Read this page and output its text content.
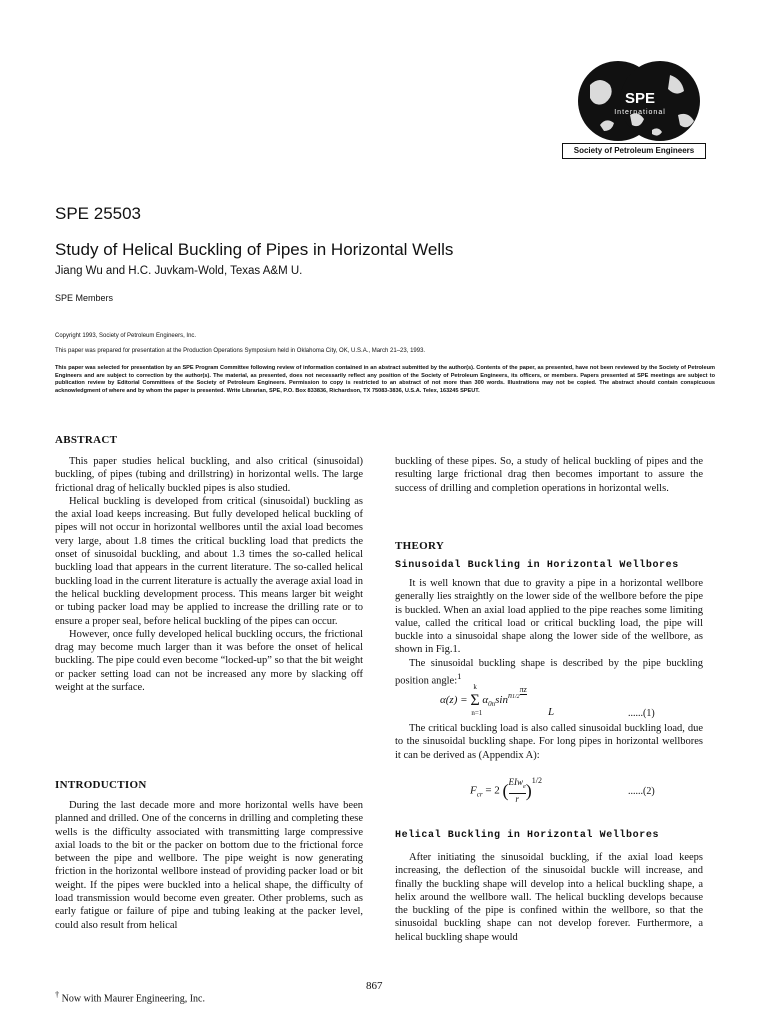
SPE
International
Society of Petroleum Engineers
SPE 25503
Study of Helical Buckling of Pipes in Horizontal Wells
Jiang Wu and H.C. Juvkam-Wold, Texas A&M U.
SPE Members
Copyright 1993, Society of Petroleum Engineers, Inc.
This paper was prepared for presentation at the Production Operations Symposium held in Oklahoma City, OK, U.S.A., March 21–23, 1993.
This paper was selected for presentation by an SPE Program Committee following review of information contained in an abstract submitted by the author(s). Contents of the paper, as presented, have not been reviewed by the Society of Petroleum Engineers and are subject to correction by the author(s). The material, as presented, does not necessarily reflect any position of the Society of Petroleum Engineers, its officers, or members. Papers presented at SPE meetings are subject to publication review by Editorial Committees of the Society of Petroleum Engineers. Permission to copy is restricted to an abstract of not more than 300 words. Illustrations may not be copied. The abstract should contain conspicuous acknowledgment of where and by whom the paper is presented. Write Librarian, SPE, P.O. Box 833836, Richardson, TX 75083-3836, U.S.A. Telex, 163245 SPEUT.
ABSTRACT

This paper studies helical buckling, and also critical (sinusoidal) buckling, of pipes (tubing and drillstring) in horizontal wells. The large frictional drag of helically buckled pipes is also studied.

Helical buckling is developed from critical (sinusoidal) buckling as the axial load keeps increasing. But fully developed helical buckling of pipes will not occur in horizontal wellbores until the axial load becomes very large, about 1.8 times the critical buckling load that predicts the onset of sinusoidal buckling, and about 1.3 times the so-called helical buckling load that appears in the current literature. The so-called helical buckling load in the current literature is actually the average axial load in the helical buckling development process. This means larger bit weight or tubing packer load may be applied to increase the drilling rate or to ensure a proper seal, before helical buckling of the pipes can occur.

However, once fully developed helical buckling occurs, the frictional drag may become much larger than it was before the onset of helical buckling. The pipe could even become “locked-up” so that the bit weight or packer setting load can not be increased any more by slacking off weight at the surface.

INTRODUCTION

During the last decade more and more horizontal wells have been planned and drilled. One of the concerns in drilling and completing these wells is the difficulty associated with transmitting large compressive axial loads to the bit or the packer on bottom due to the frictional force between the pipe and wellbore. The pipe weight is now generating friction in the horizontal wellbore instead of providing packer load or bit weight. If the pipes were buckled into a helical shape, the difficulty of load transmission would become even greater. Other problems, such as early fatigue or failure of pipe and tubing leaking at the packer level, could also result from helical

buckling of these pipes. So, a study of helical buckling of pipes and the resulting large frictional drag then becomes important to assure the success of drilling and completion operations in horizontal wells.

THEORY
Sinusoidal Buckling in Horizontal Wellbores

It is well known that due to gravity a pipe in a horizontal wellbore generally lies straightly on the lower side of the wellbore before the pipe is buckled. When an axial load applied to the pipe reaches some limiting value, called the critical load or critical buckling load, the pipe will buckle into a sinusoidal shape along the lower side of the wellbore, as shown in Fig.1.

The sinusoidal buckling shape is described by the pipe buckling position angle:$^1$

α(z) = Σ
k
n=1
$\alpha_{0n}\sin^{n1/2 \pi z}$
L	......(1)

The critical buckling load is also called sinusoidal buckling load, due to the sinusoidal buckling shape. For long pipes in horizontal wellbores it can be derived as (Appendix A):

$F_{cr} = 2$ ( EIw$_e$
r )$^{1/2}$
......(2)
Helical Buckling in Horizontal Wellbores

After initiating the sinusoidal buckling, if the axial load keeps increasing, the deflection of the sinusoidal buckle will increase, and finally the buckling shape will develop into a helical buckling shape, a helix around the wellbore wall. The helical buckling develops because the buckling of the pipe is confined within the wellbore, so that the sinusoidal buckling shape can not develop forever. Furthermore, a helical buckling shape would

867
† Now with Maurer Engineering, Inc.
